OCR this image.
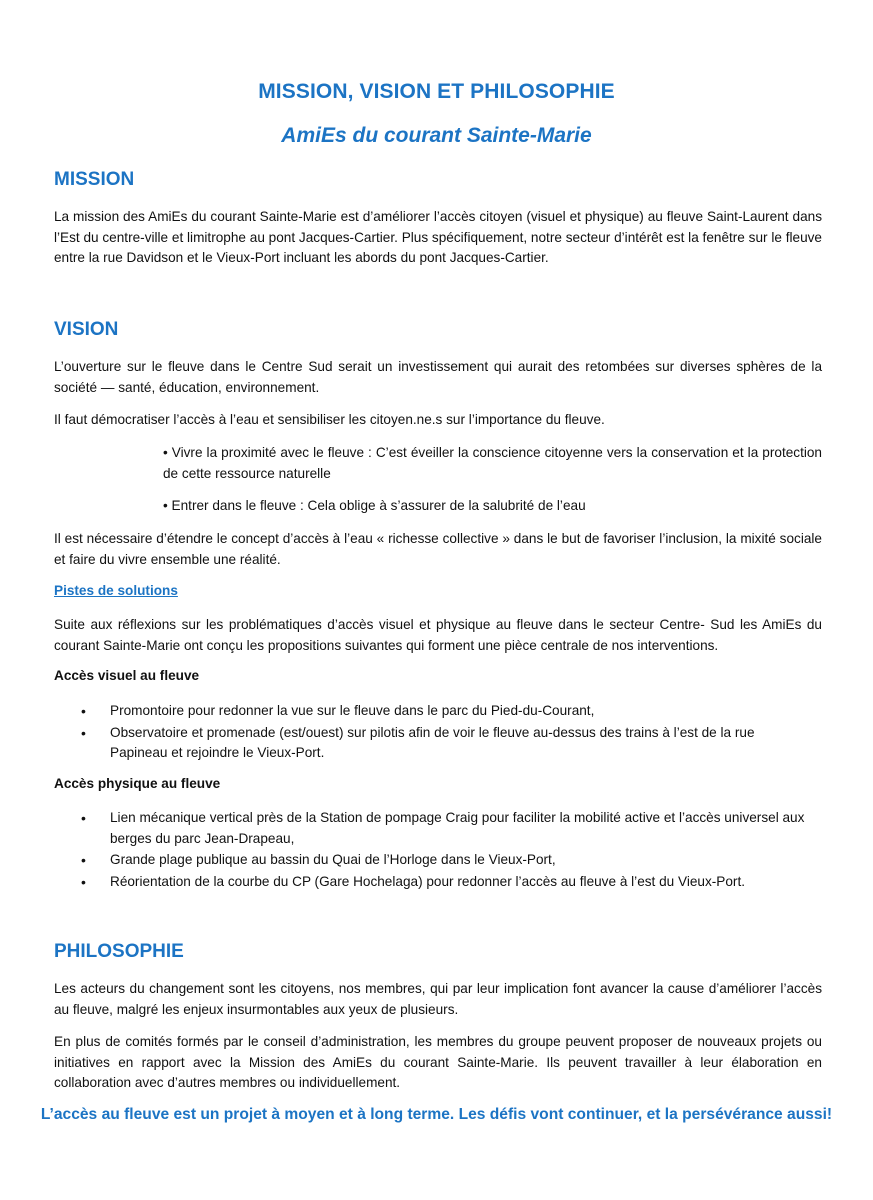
MISSION, VISION ET PHILOSOPHIE
AmiEs du courant Sainte-Marie
MISSION
La mission des AmiEs du courant Sainte-Marie est d’améliorer l’accès citoyen (visuel et physique) au fleuve Saint-Laurent dans l’Est du centre-ville et limitrophe au pont Jacques-Cartier. Plus spécifiquement, notre secteur d’intérêt est la fenêtre sur le fleuve entre la rue Davidson et le Vieux-Port incluant les abords du pont Jacques-Cartier.
VISION
L’ouverture sur le fleuve dans le Centre Sud serait un investissement qui aurait des retombées sur diverses sphères de la société — santé, éducation, environnement.
Il faut démocratiser l’accès à l’eau et sensibiliser les citoyen.ne.s sur l’importance du fleuve.
• Vivre la proximité avec le fleuve : C’est éveiller la conscience citoyenne vers la conservation et la protection de cette ressource naturelle
• Entrer dans le fleuve : Cela oblige à s’assurer de la salubrité de l’eau
Il est nécessaire d’étendre le concept d’accès à l’eau « richesse collective » dans le but de favoriser l’inclusion, la mixité sociale et faire du vivre ensemble une réalité.
Pistes de solutions
Suite aux réflexions sur les problématiques d’accès visuel et physique au fleuve dans le secteur Centre- Sud les AmiEs du courant Sainte-Marie ont conçu les propositions suivantes qui forment une pièce centrale de nos interventions.
Accès visuel au fleuve
• Promontoire pour redonner la vue sur le fleuve dans le parc du Pied-du-Courant,
• Observatoire et promenade (est/ouest) sur pilotis afin de voir le fleuve au-dessus des trains à l’est de la rue Papineau et rejoindre le Vieux-Port.
Accès physique au fleuve
• Lien mécanique vertical près de la Station de pompage Craig pour faciliter la mobilité active et l’accès universel aux berges du parc Jean-Drapeau,
• Grande plage publique au bassin du Quai de l’Horloge dans le Vieux-Port,
• Réorientation de la courbe du CP (Gare Hochelaga) pour redonner l’accès au fleuve à l’est du Vieux-Port.
PHILOSOPHIE
Les acteurs du changement sont les citoyens, nos membres, qui par leur implication font avancer la cause d’améliorer l’accès au fleuve, malgré les enjeux insurmontables aux yeux de plusieurs.
En plus de comités formés par le conseil d’administration, les membres du groupe peuvent proposer de nouveaux projets ou initiatives en rapport avec la Mission des AmiEs du courant Sainte-Marie. Ils peuvent travailler à leur élaboration en collaboration avec d’autres membres ou individuellement.
L’accès au fleuve est un projet à moyen et à long terme. Les défis vont continuer, et la persévérance aussi!
